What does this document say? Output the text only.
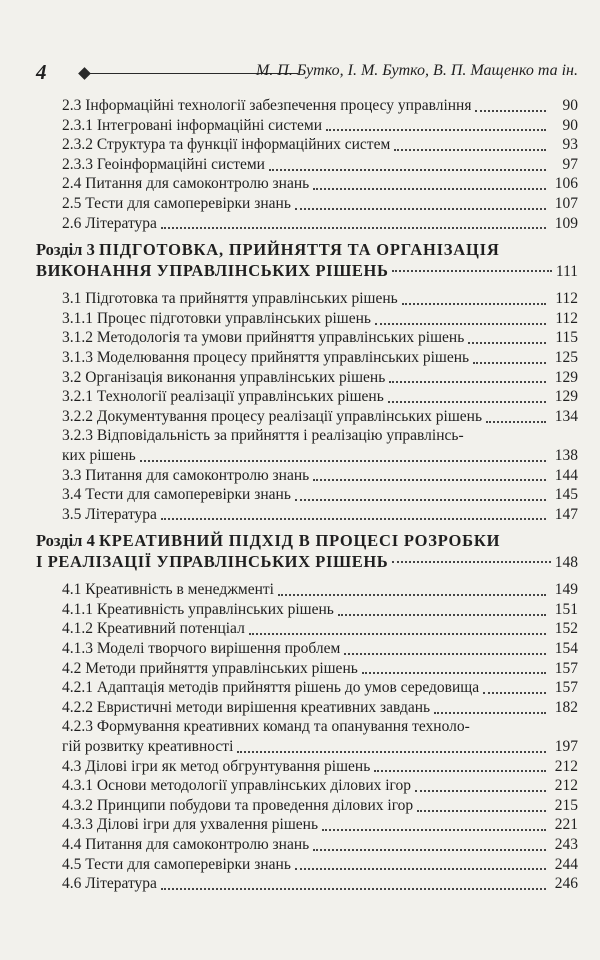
4	М. П. Бутко, І. М. Бутко, В. П. Мащенко та ін.
2.3 Інформаційні технології забезпечення процесу управління	90
2.3.1 Інтегровані інформаційні системи	90
2.3.2 Структура та функції інформаційних систем	93
2.3.3 Геоінформаційні системи	97
2.4 Питання для самоконтролю знань	106
2.5 Тести для самоперевірки знань	107
2.6 Література	109
Розділ 3 ПІДГОТОВКА, ПРИЙНЯТТЯ ТА ОРГАНІЗАЦІЯ
ВИКОНАННЯ УПРАВЛІНСЬКИХ РІШЕНЬ	111
3.1 Підготовка та прийняття управлінських рішень	112
3.1.1 Процес підготовки управлінських рішень	112
3.1.2 Методологія та умови прийняття управлінських рішень	115
3.1.3 Моделювання процесу прийняття управлінських рішень	125
3.2 Організація виконання управлінських рішень	129
3.2.1 Технології реалізації управлінських рішень	129
3.2.2 Документування процесу реалізації управлінських рішень	134
3.2.3 Відповідальність за прийняття і реалізацію управлінсь-
ких рішень	138
3.3 Питання для самоконтролю знань	144
3.4 Тести для самоперевірки знань	145
3.5 Література	147
Розділ 4 КРЕАТИВНИЙ ПІДХІД В ПРОЦЕСІ РОЗРОБКИ
І РЕАЛІЗАЦІЇ УПРАВЛІНСЬКИХ РІШЕНЬ	148
4.1 Креативність в менеджменті	149
4.1.1 Креативність управлінських рішень	151
4.1.2 Креативний потенціал	152
4.1.3 Моделі творчого вирішення проблем	154
4.2 Методи прийняття управлінських рішень	157
4.2.1 Адаптація методів прийняття рішень до умов середовища	157
4.2.2 Евристичні методи вирішення креативних завдань	182
4.2.3 Формування креативних команд та опанування техноло-
гій розвитку креативності	197
4.3 Ділові ігри як метод обгрунтування рішень	212
4.3.1 Основи методології управлінських ділових ігор	212
4.3.2 Принципи побудови та проведення ділових ігор	215
4.3.3 Ділові ігри для ухвалення рішень	221
4.4 Питання для самоконтролю знань	243
4.5 Тести для самоперевірки знань	244
4.6 Література	246
